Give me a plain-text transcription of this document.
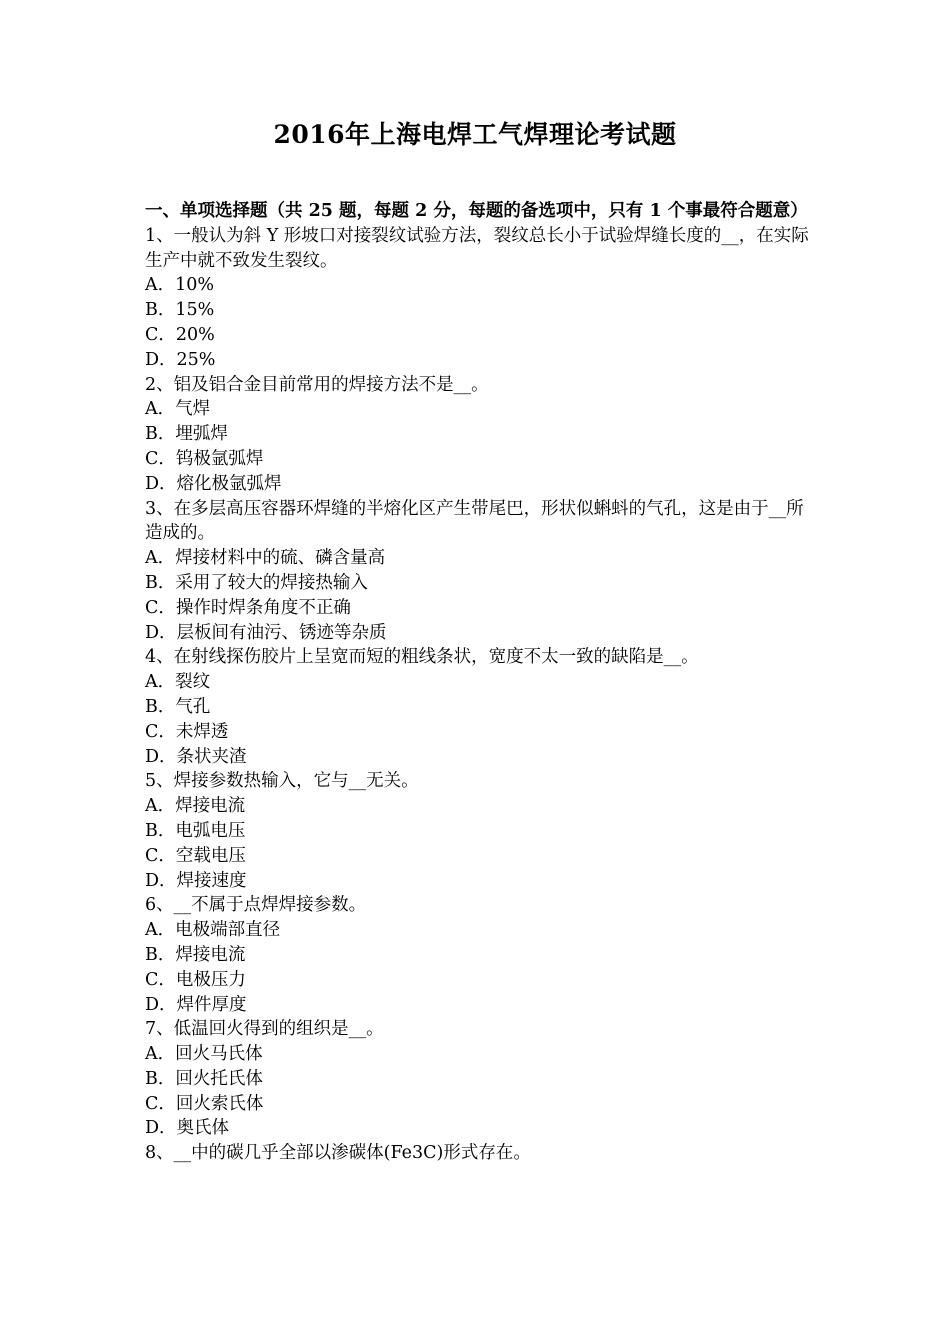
2016年上海电焊工气焊理论考试题

一、单项选择题（共 25 题，每题 2 分，每题的备选项中，只有 1 个事最符合题意）

1、一般认为斜 Y 形坡口对接裂纹试验方法，裂纹总长小于试验焊缝长度的__，在实际生产中就不致发生裂纹。

A．10%

B．15%

C．20%

D．25%

2、铝及铝合金目前常用的焊接方法不是__。

A．气焊

B．埋弧焊

C．钨极氩弧焊

D．熔化极氩弧焊

3、在多层高压容器环焊缝的半熔化区产生带尾巴，形状似蝌蚪的气孔，这是由于__所造成的。

A．焊接材料中的硫、磷含量高

B．采用了较大的焊接热输入

C．操作时焊条角度不正确

D．层板间有油污、锈迹等杂质

4、在射线探伤胶片上呈宽而短的粗线条状，宽度不太一致的缺陷是__。

A．裂纹

B．气孔

C．未焊透

D．条状夹渣

5、焊接参数热输入，它与__无关。

A．焊接电流

B．电弧电压

C．空载电压

D．焊接速度

6、__不属于点焊焊接参数。

A．电极端部直径

B．焊接电流

C．电极压力

D．焊件厚度

7、低温回火得到的组织是__。

A．回火马氏体

B．回火托氏体

C．回火索氏体

D．奥氏体

8、__中的碳几乎全部以渗碳体(Fe3C)形式存在。
